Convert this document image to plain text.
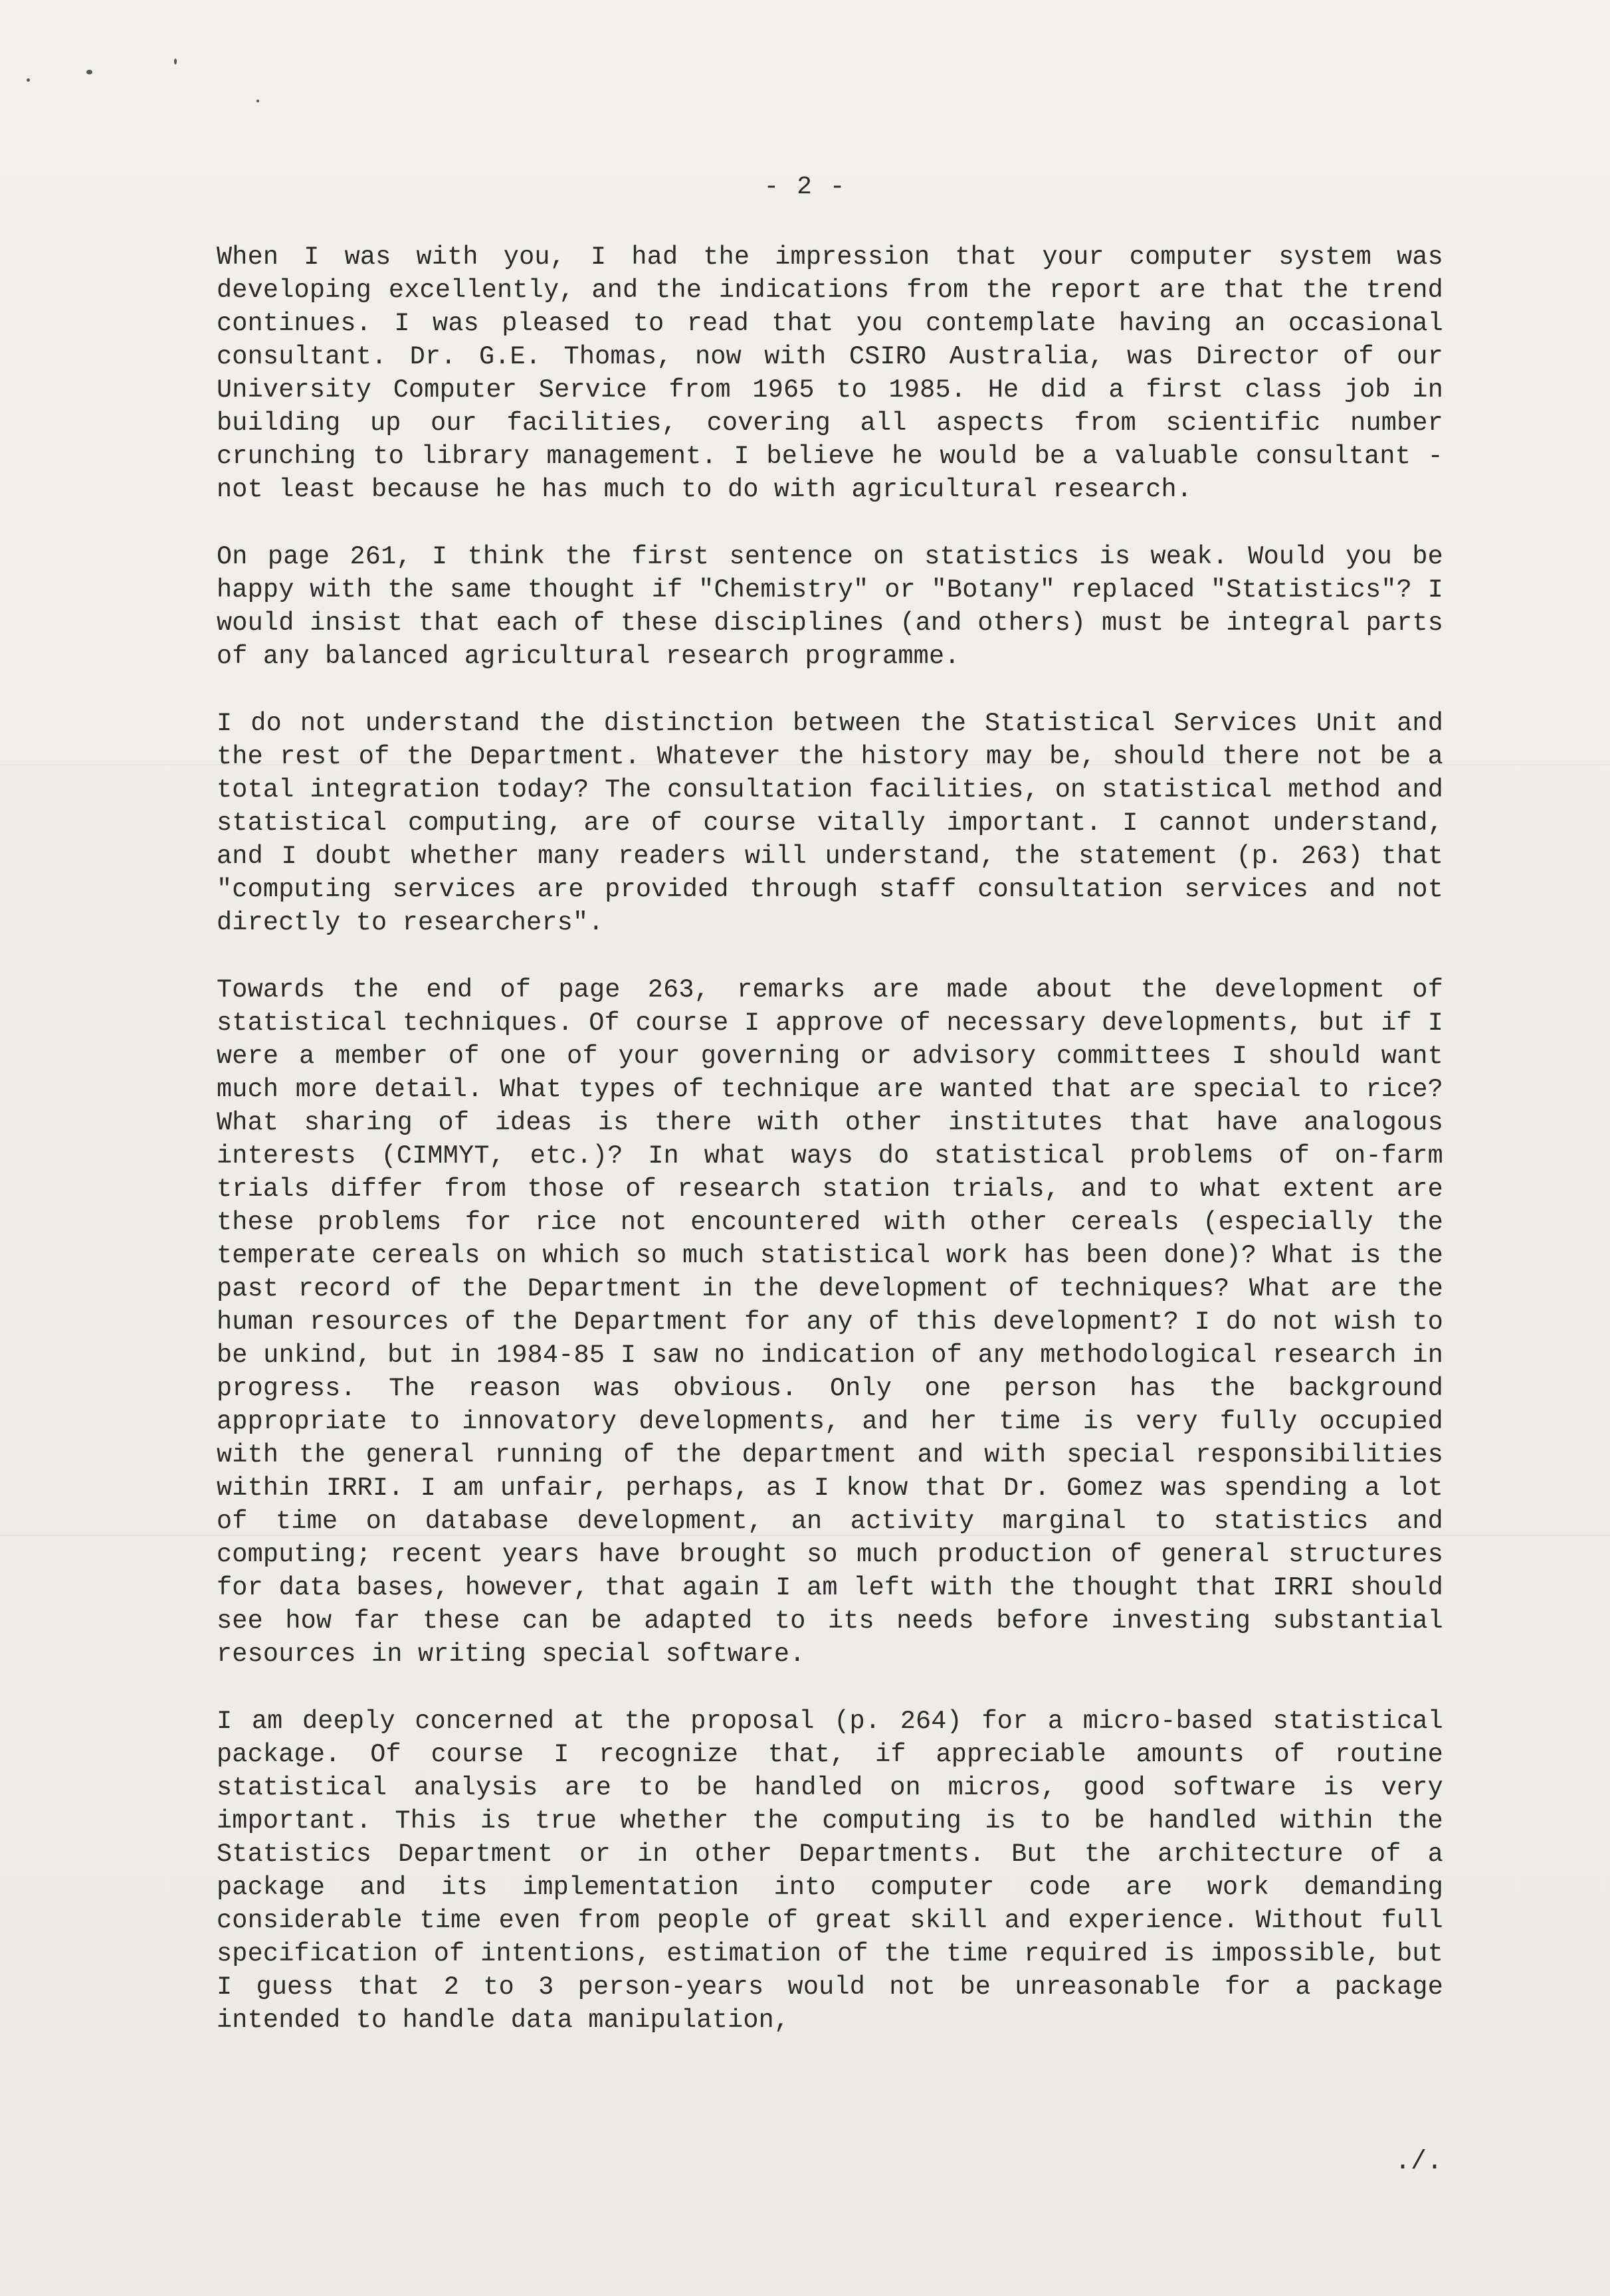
- 2 -

When I was with you, I had the impression that your computer system was developing excellently, and the indications from the report are that the trend continues. I was pleased to read that you contemplate having an occasional consultant. Dr. G.E. Thomas, now with CSIRO Australia, was Director of our University Computer Service from 1965 to 1985. He did a first class job in building up our facilities, covering all aspects from scientific number crunching to library management. I believe he would be a valuable consultant - not least because he has much to do with agricultural research.

On page 261, I think the first sentence on statistics is weak. Would you be happy with the same thought if "Chemistry" or "Botany" replaced "Statistics"? I would insist that each of these disciplines (and others) must be integral parts of any balanced agricultural research programme.

I do not understand the distinction between the Statistical Services Unit and the rest of the Department. Whatever the history may be, should there not be a total integration today? The consultation facilities, on statistical method and statistical computing, are of course vitally important. I cannot understand, and I doubt whether many readers will understand, the statement (p. 263) that "computing services are provided through staff consultation services and not directly to researchers".

Towards the end of page 263, remarks are made about the development of statistical techniques. Of course I approve of necessary developments, but if I were a member of one of your governing or advisory committees I should want much more detail. What types of technique are wanted that are special to rice? What sharing of ideas is there with other institutes that have analogous interests (CIMMYT, etc.)? In what ways do statistical problems of on-farm trials differ from those of research station trials, and to what extent are these problems for rice not encountered with other cereals (especially the temperate cereals on which so much statistical work has been done)? What is the past record of the Department in the development of techniques? What are the human resources of the Department for any of this development? I do not wish to be unkind, but in 1984-85 I saw no indication of any methodological research in progress. The reason was obvious. Only one person has the background appropriate to innovatory developments, and her time is very fully occupied with the general running of the department and with special responsibilities within IRRI. I am unfair, perhaps, as I know that Dr. Gomez was spending a lot of time on database development, an activity marginal to statistics and computing; recent years have brought so much production of general structures for data bases, however, that again I am left with the thought that IRRI should see how far these can be adapted to its needs before investing substantial resources in writing special software.

I am deeply concerned at the proposal (p. 264) for a micro-based statistical package. Of course I recognize that, if appreciable amounts of routine statistical analysis are to be handled on micros, good software is very important. This is true whether the computing is to be handled within the Statistics Department or in other Departments. But the architecture of a package and its implementation into computer code are work demanding considerable time even from people of great skill and experience. Without full specification of intentions, estimation of the time required is impossible, but I guess that 2 to 3 person-years would not be unreasonable for a package intended to handle data manipulation,

./.
